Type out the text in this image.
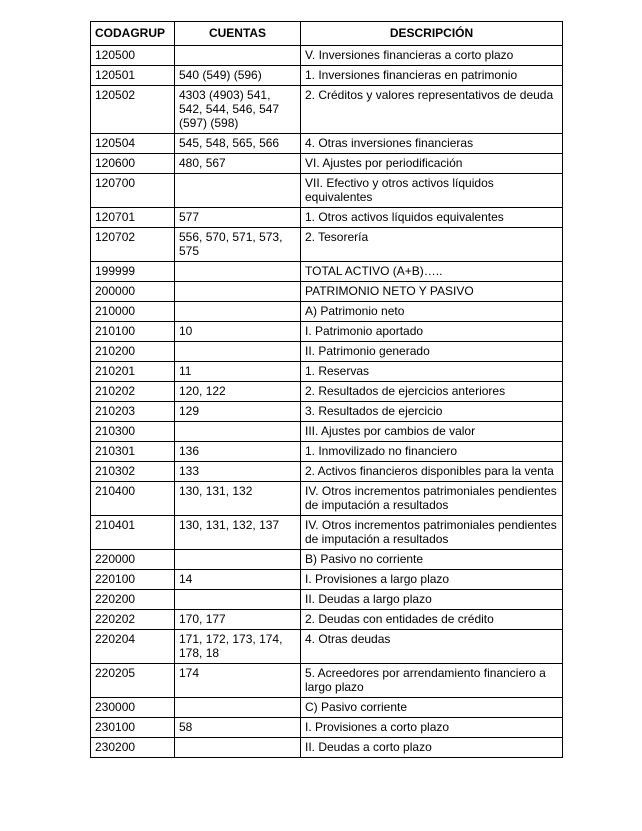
CODAGRUP	CUENTAS	DESCRIPCIÓN
120500		V. Inversiones financieras a corto plazo
120501	540 (549) (596)	1. Inversiones financieras en patrimonio
120502	4303 (4903) 541, 542, 544, 546, 547 (597) (598)	2. Créditos y valores representativos de deuda
120504	545, 548, 565, 566	4. Otras inversiones financieras
120600	480, 567	VI. Ajustes por periodificación
120700		VII. Efectivo y otros activos líquidos equivalentes
120701	577	1. Otros activos líquidos equivalentes
120702	556, 570, 571, 573, 575	2. Tesorería
199999		TOTAL ACTIVO (A+B)…..
200000		PATRIMONIO NETO Y PASIVO
210000		A) Patrimonio neto
210100	10	I. Patrimonio aportado
210200		II. Patrimonio generado
210201	11	1. Reservas
210202	120, 122	2. Resultados de ejercicios anteriores
210203	129	3. Resultados de ejercicio
210300		III. Ajustes por cambios de valor
210301	136	1. Inmovilizado no financiero
210302	133	2. Activos financieros disponibles para la venta
210400	130, 131, 132	IV. Otros incrementos patrimoniales pendientes de imputación a resultados
210401	130, 131, 132, 137	IV. Otros incrementos patrimoniales pendientes de imputación a resultados
220000		B) Pasivo no corriente
220100	14	I. Provisiones a largo plazo
220200		II. Deudas a largo plazo
220202	170, 177	2. Deudas con entidades de crédito
220204	171, 172, 173, 174, 178, 18	4. Otras deudas
220205	174	5. Acreedores por arrendamiento financiero a largo plazo
230000		C) Pasivo corriente
230100	58	I. Provisiones a corto plazo
230200		II. Deudas a corto plazo
